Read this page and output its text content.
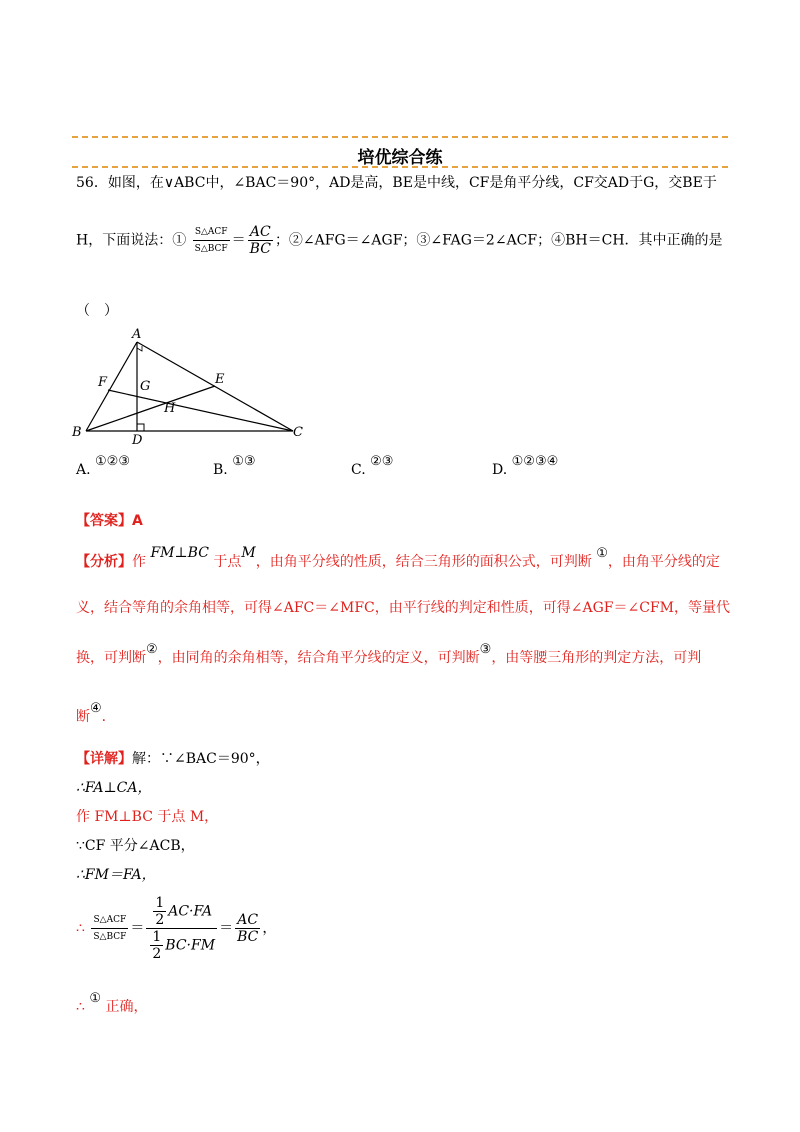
培优综合练
56．如图，在∨ABC中，∠BAC＝90°，AD是高，BE是中线，CF是角平分线，CF交AD于G，交BE于
H，下面说法：① $\frac{\text{S△ACF}}{\text{S△BCF}} = \frac{AC}{BC}$ ；②∠AFG＝∠AGF；③∠FAG＝2∠ACF；④BH＝CH．其中正确的是
（　）
A
B	C
D
E
F	G
H
A. ①②③
B. ①③
C. ②③
D. ①②③④
【答案】A
【分析】作 FM⊥BC 于点M，由角平分线的性质，结合三角形的面积公式，可判断 ①，由角平分线的定
义，结合等角的余角相等，可得∠AFC＝∠MFC，由平行线的判定和性质，可得∠AGF＝∠CFM，等量代
换，可判断②，由同角的余角相等，结合角平分线的定义，可判断③，由等腰三角形的判定方法，可判
断④．
【详解】解：∵∠BAC＝90°，
∴FA⊥CA，
作 FM⊥BC 于点 M，
∵CF 平分∠ACB，
∴FM＝FA，
∴ $\frac{\text{S△ACF}}{\text{S△BCF}} = \frac{\frac{1}{2} AC\cdot FA}{\frac{1}{2} BC\cdot FM} = \frac{AC}{BC}$ ，
∴ ① 正确，
